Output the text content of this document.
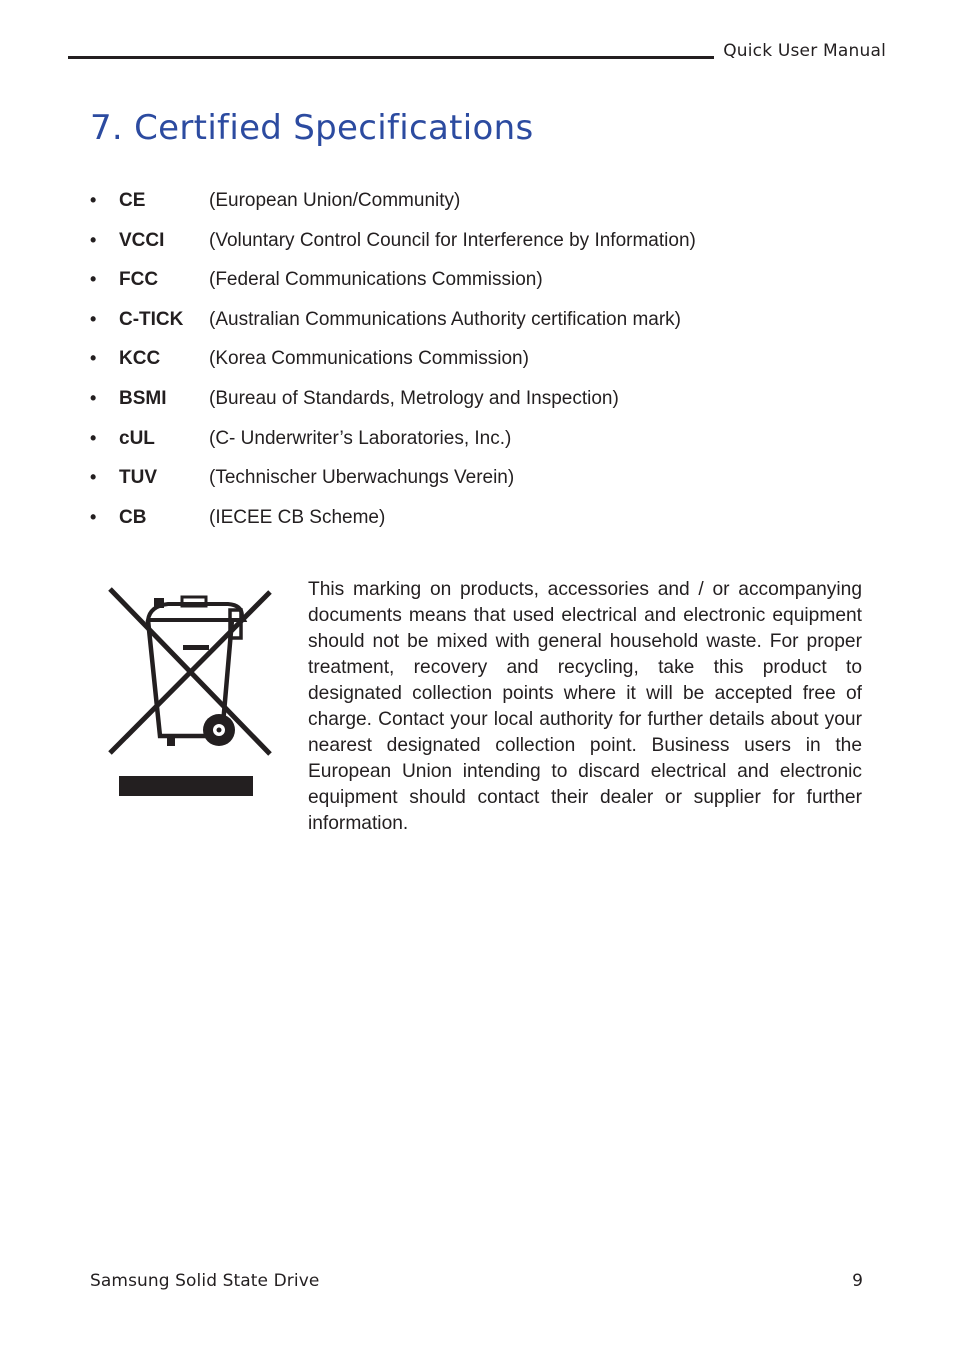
Quick User Manual
7. Certified Specifications
•	CE	(European Union/Community)
•	VCCI	(Voluntary Control Council for Interference by Information)
•	FCC	(Federal Communications Commission)
•	C-TICK	(Australian Communications Authority certification mark)
•	KCC	(Korea Communications Commission)
•	BSMI	(Bureau of Standards, Metrology and Inspection)
•	cUL	(C- Underwriter’s Laboratories, Inc.)
•	TUV	(Technischer Uberwachungs Verein)
•	CB	(IECEE CB Scheme)

This marking on products, accessories and / or accompanying documents means that used electrical and electronic equipment should not be mixed with general household waste. For proper treatment, recovery and recycling, take this product to designated collection points where it will be accepted free of charge. Contact your local authority for further details about your nearest designated collection point. Business users in the European Union intending to discard electrical and electronic equipment should contact their dealer or supplier for further information.

Samsung Solid State Drive	9
